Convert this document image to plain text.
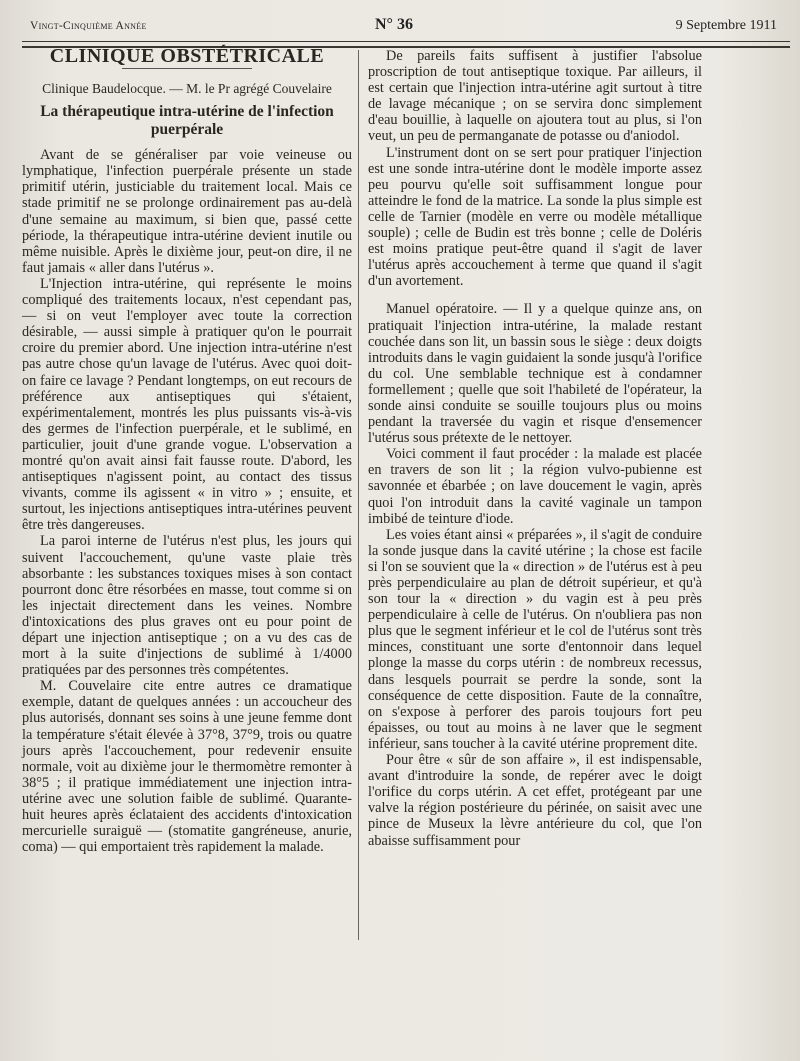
Vingt-Cinquième Année	N° 36	9 Septembre 1911

CLINIQUE OBSTÉTRICALE

Clinique Baudelocque. — M. le Pr agrégé Couvelaire
La thérapeutique intra-utérine de l'infection puerpérale

Avant de se généraliser par voie veineuse ou lymphatique, l'infection puerpérale présente un stade primitif utérin, justiciable du traitement local. Mais ce stade primitif ne se prolonge ordinairement pas au-delà d'une semaine au maximum, si bien que, passé cette période, la thérapeutique intra-utérine devient inutile ou même nuisible. Après le dixième jour, peut-on dire, il ne faut jamais « aller dans l'utérus ».

L'Injection intra-utérine, qui représente le moins compliqué des traitements locaux, n'est cependant pas, — si on veut l'employer avec toute la correction désirable, — aussi simple à pratiquer qu'on le pourrait croire du premier abord. Une injection intra-utérine n'est pas autre chose qu'un lavage de l'utérus. Avec quoi doit-on faire ce lavage ? Pendant longtemps, on eut recours de préférence aux antiseptiques qui s'étaient, expérimentalement, montrés les plus puissants vis-à-vis des germes de l'infection puerpérale, et le sublimé, en particulier, jouit d'une grande vogue. L'observation a montré qu'on avait ainsi fait fausse route. D'abord, les antiseptiques n'agissent point, au contact des tissus vivants, comme ils agissent « in vitro » ; ensuite, et surtout, les injections antiseptiques intra-utérines peuvent être très dangereuses.

La paroi interne de l'utérus n'est plus, les jours qui suivent l'accouchement, qu'une vaste plaie très absorbante : les substances toxiques mises à son contact pourront donc être résorbées en masse, tout comme si on les injectait directement dans les veines. Nombre d'intoxications des plus graves ont eu pour point de départ une injection antiseptique ; on a vu des cas de mort à la suite d'injections de sublimé à 1/4000 pratiquées par des personnes très compétentes.

M. Couvelaire cite entre autres ce dramatique exemple, datant de quelques années : un accoucheur des plus autorisés, donnant ses soins à une jeune femme dont la température s'était élevée à 37°8, 37°9, trois ou quatre jours après l'accouchement, pour redevenir ensuite normale, voit au dixième jour le thermomètre remonter à 38°5 ; il pratique immédiatement une injection intra-utérine avec une solution faible de sublimé. Quarante-huit heures après éclataient des accidents d'intoxication mercurielle suraiguë — (stomatite gangréneuse, anurie, coma) — qui emportaient très rapidement la malade.

De pareils faits suffisent à justifier l'absolue proscription de tout antiseptique toxique. Par ailleurs, il est certain que l'injection intra-utérine agit surtout à titre de lavage mécanique ; on se servira donc simplement d'eau bouillie, à laquelle on ajoutera tout au plus, si l'on veut, un peu de permanganate de potasse ou d'aniodol.

L'instrument dont on se sert pour pratiquer l'injection est une sonde intra-utérine dont le modèle importe assez peu pourvu qu'elle soit suffisamment longue pour atteindre le fond de la matrice. La sonde la plus simple est celle de Tarnier (modèle en verre ou modèle métallique souple) ; celle de Budin est très bonne ; celle de Doléris est moins pratique peut-être quand il s'agit de laver l'utérus après accouchement à terme que quand il s'agit d'un avortement.

Manuel opératoire. — Il y a quelque quinze ans, on pratiquait l'injection intra-utérine, la malade restant couchée dans son lit, un bassin sous le siège : deux doigts introduits dans le vagin guidaient la sonde jusqu'à l'orifice du col. Une semblable technique est à condamner formellement ; quelle que soit l'habileté de l'opérateur, la sonde ainsi conduite se souille toujours plus ou moins pendant la traversée du vagin et risque d'ensemencer l'utérus sous prétexte de le nettoyer.

Voici comment il faut procéder : la malade est placée en travers de son lit ; la région vulvo-pubienne est savonnée et ébarbée ; on lave doucement le vagin, après quoi l'on introduit dans la cavité vaginale un tampon imbibé de teinture d'iode.

Les voies étant ainsi « préparées », il s'agit de conduire la sonde jusque dans la cavité utérine ; la chose est facile si l'on se souvient que la « direction » de l'utérus est à peu près perpendiculaire au plan de détroit supérieur, et qu'à son tour la « direction » du vagin est à peu près perpendiculaire à celle de l'utérus. On n'oubliera pas non plus que le segment inférieur et le col de l'utérus sont très minces, constituant une sorte d'entonnoir dans lequel plonge la masse du corps utérin : de nombreux recessus, dans lesquels pourrait se perdre la sonde, sont la conséquence de cette disposition. Faute de la connaître, on s'expose à perforer des parois toujours fort peu épaisses, ou tout au moins à ne laver que le segment inférieur, sans toucher à la cavité utérine proprement dite.

Pour être « sûr de son affaire », il est indispensable, avant d'introduire la sonde, de repérer avec le doigt l'orifice du corps utérin. A cet effet, protégeant par une valve la région postérieure du périnée, on saisit avec une pince de Museux la lèvre antérieure du col, que l'on abaisse suffisamment pour
